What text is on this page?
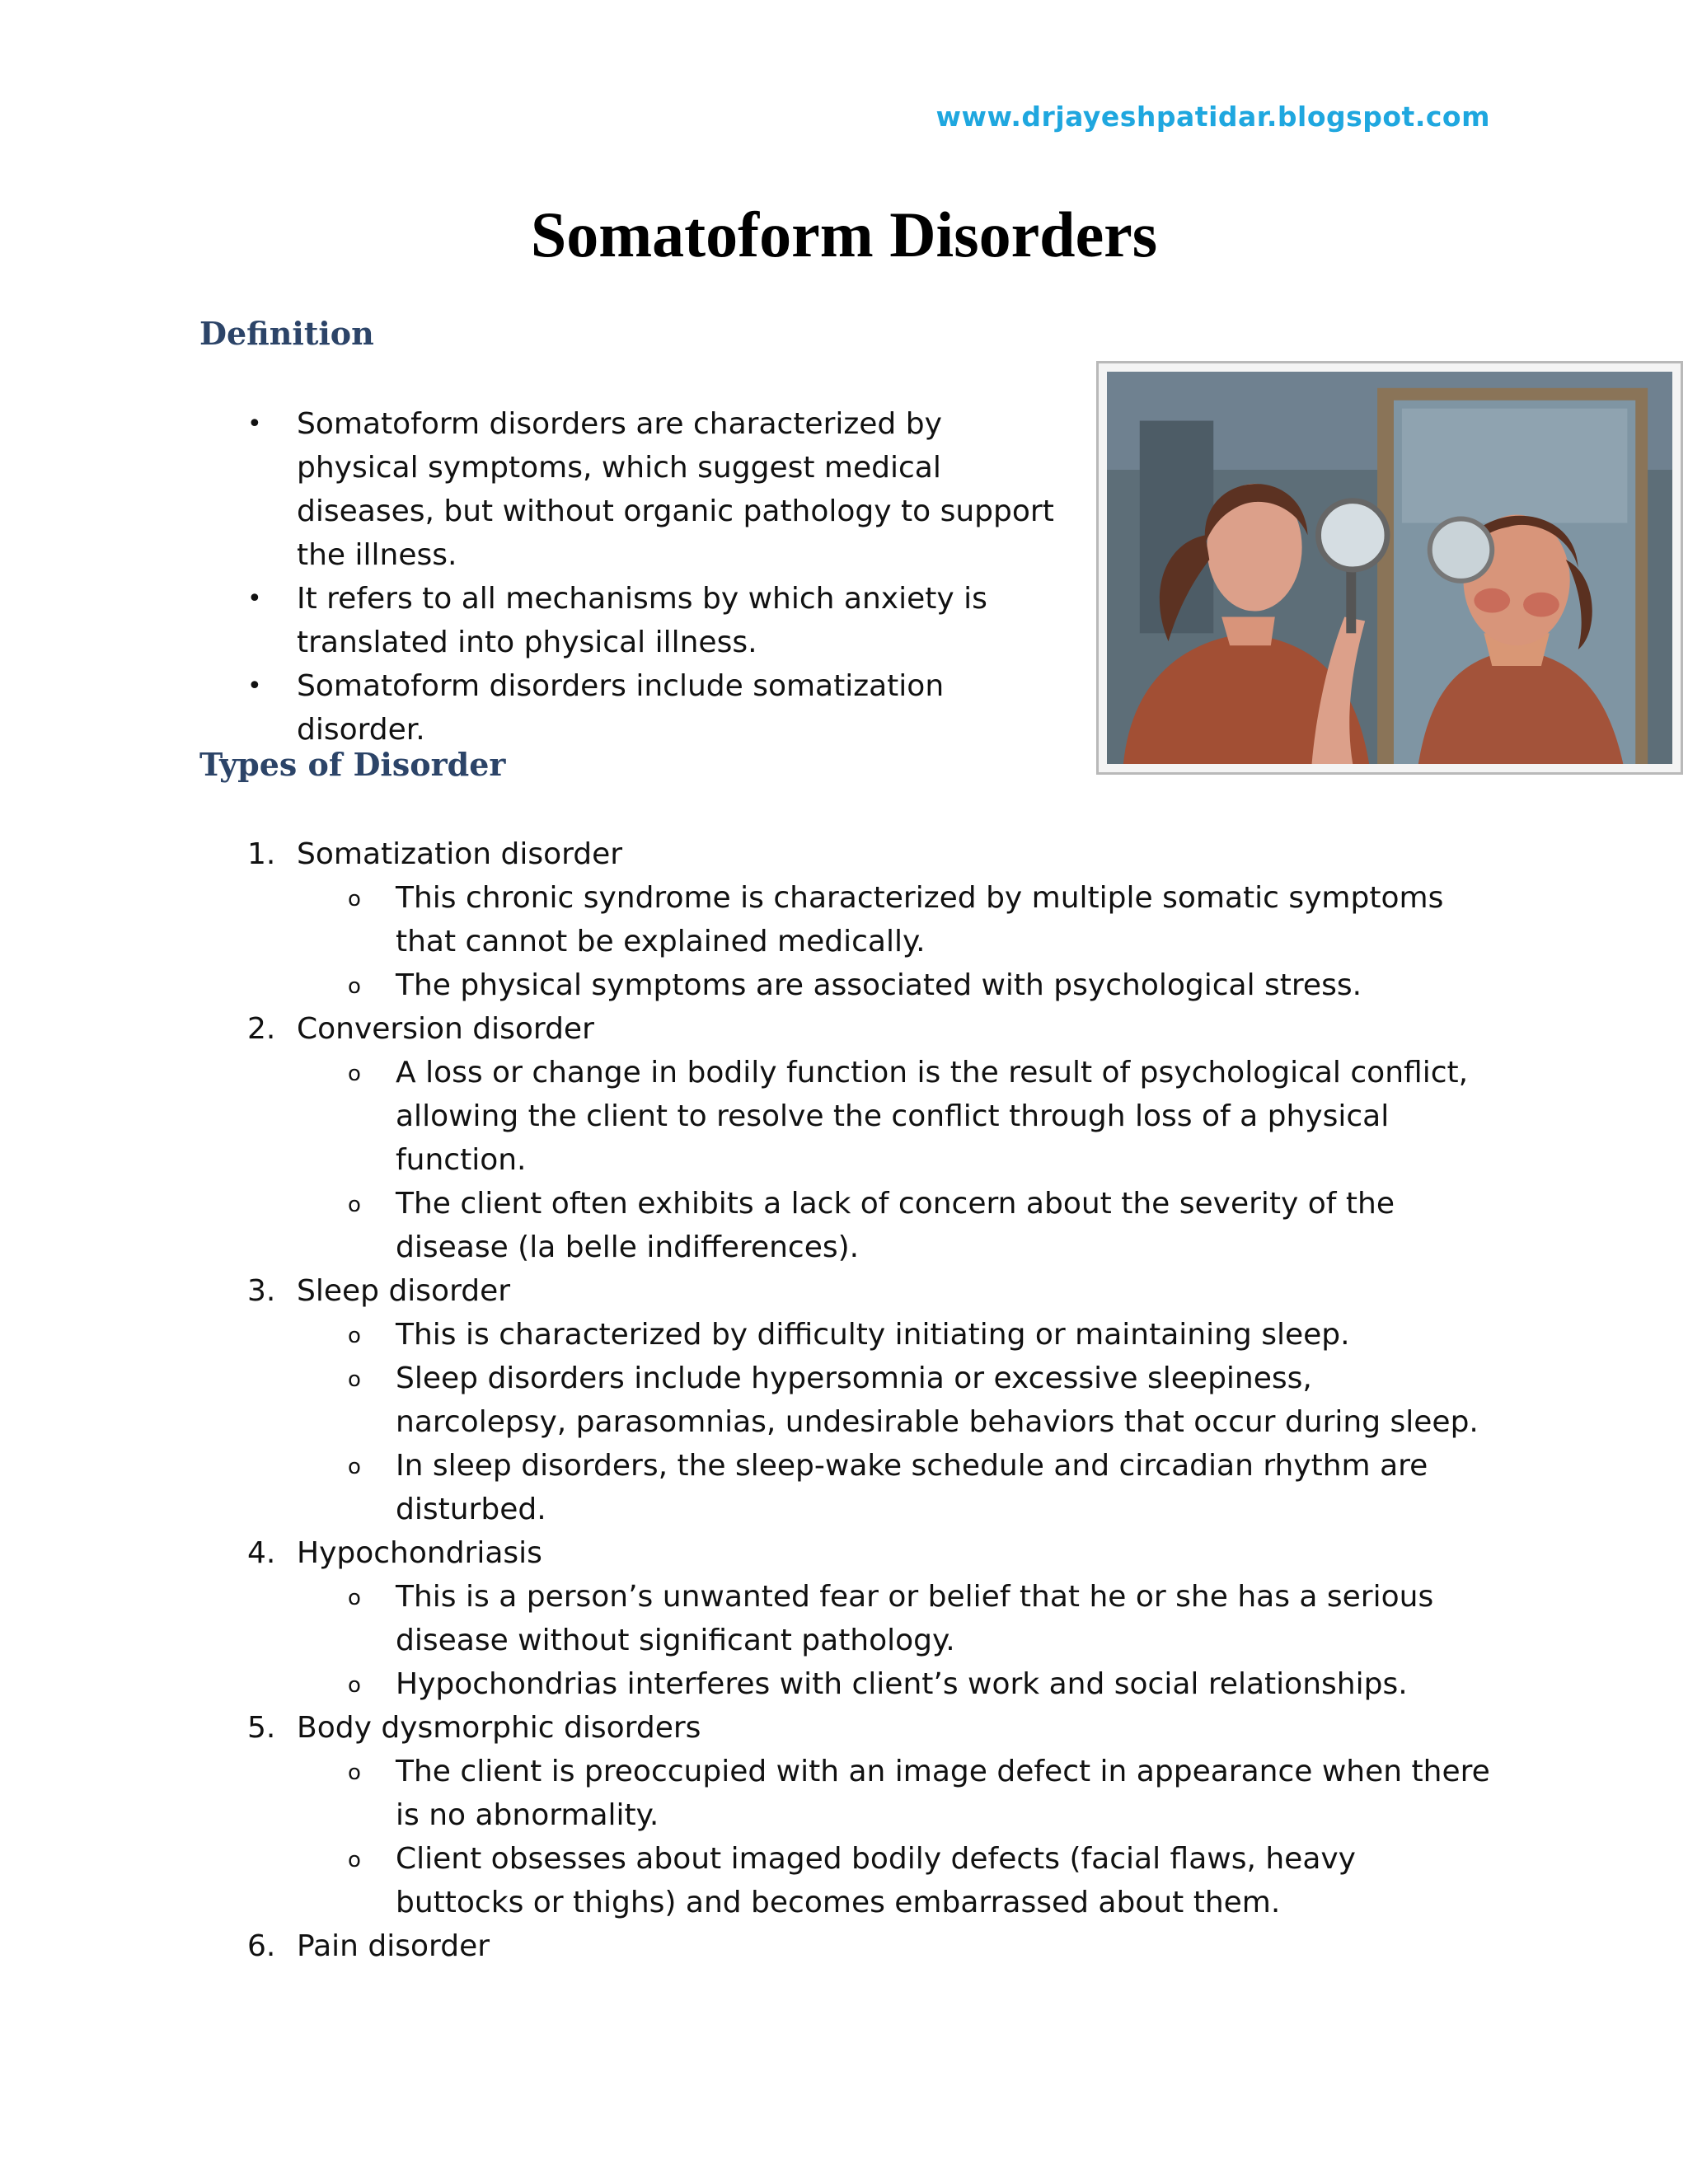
www.drjayeshpatidar.blogspot.com
Somatoform Disorders
Definition
• Somatoform disorders are characterized by physical symptoms, which suggest medical diseases, but without organic pathology to support the illness.
• It refers to all mechanisms by which anxiety is translated into physical illness.
• Somatoform disorders include somatization disorder.
Types of Disorder
1. Somatization disorder
o This chronic syndrome is characterized by multiple somatic symptoms that cannot be explained medically.
o The physical symptoms are associated with psychological stress.
2. Conversion disorder
o A loss or change in bodily function is the result of psychological conflict, allowing the client to resolve the conflict through loss of a physical function.
o The client often exhibits a lack of concern about the severity of the disease (la belle indifferences).
3. Sleep disorder
o This is characterized by difficulty initiating or maintaining sleep.
o Sleep disorders include hypersomnia or excessive sleepiness, narcolepsy, parasomnias, undesirable behaviors that occur during sleep.
o In sleep disorders, the sleep-wake schedule and circadian rhythm are disturbed.
4. Hypochondriasis
o This is a person’s unwanted fear or belief that he or she has a serious disease without significant pathology.
o Hypochondrias interferes with client’s work and social relationships.
5. Body dysmorphic disorders
o The client is preoccupied with an image defect in appearance when there is no abnormality.
o Client obsesses about imaged bodily defects (facial flaws, heavy buttocks or thighs) and becomes embarrassed about them.
6. Pain disorder
